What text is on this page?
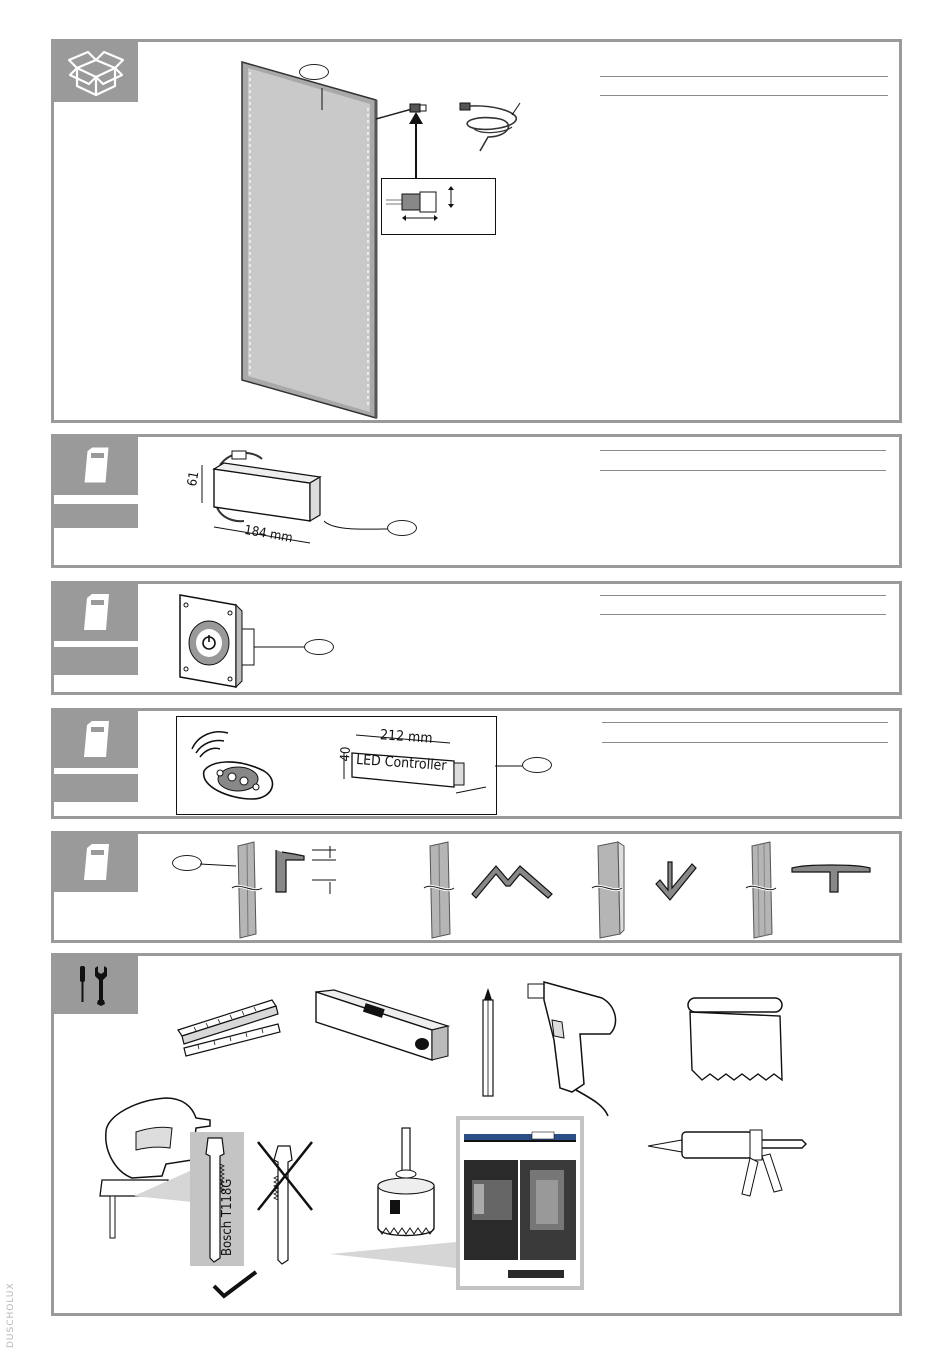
DUSCHOLUX
61
184 mm
212 mm
40 LED Controller
Bosch T118G
